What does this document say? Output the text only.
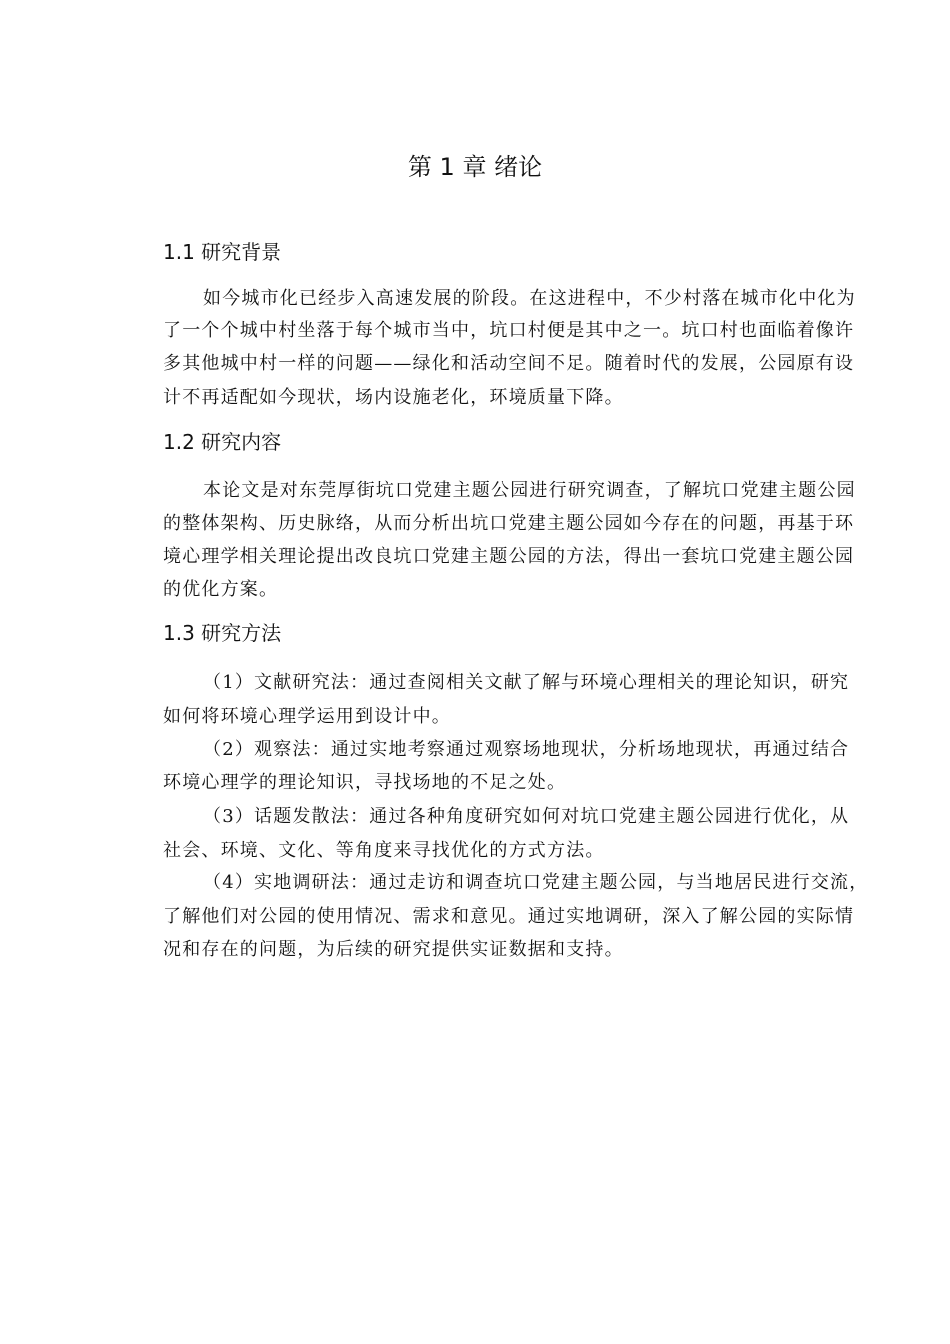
第 1 章 绪论
1.1 研究背景
如今城市化已经步入高速发展的阶段。在这进程中，不少村落在城市化中化为
了一个个城中村坐落于每个城市当中，坑口村便是其中之一。坑口村也面临着像许
多其他城中村一样的问题——绿化和活动空间不足。随着时代的发展，公园原有设
计不再适配如今现状，场内设施老化，环境质量下降。
1.2 研究内容
本论文是对东莞厚街坑口党建主题公园进行研究调查，了解坑口党建主题公园
的整体架构、历史脉络，从而分析出坑口党建主题公园如今存在的问题，再基于环
境心理学相关理论提出改良坑口党建主题公园的方法，得出一套坑口党建主题公园
的优化方案。
1.3 研究方法
（1）文献研究法：通过查阅相关文献了解与环境心理相关的理论知识，研究
如何将环境心理学运用到设计中。
（2）观察法：通过实地考察通过观察场地现状，分析场地现状，再通过结合
环境心理学的理论知识，寻找场地的不足之处。
（3）话题发散法：通过各种角度研究如何对坑口党建主题公园进行优化，从
社会、环境、文化、等角度来寻找优化的方式方法。
（4）实地调研法：通过走访和调查坑口党建主题公园，与当地居民进行交流，
了解他们对公园的使用情况、需求和意见。通过实地调研，深入了解公园的实际情
况和存在的问题，为后续的研究提供实证数据和支持。
